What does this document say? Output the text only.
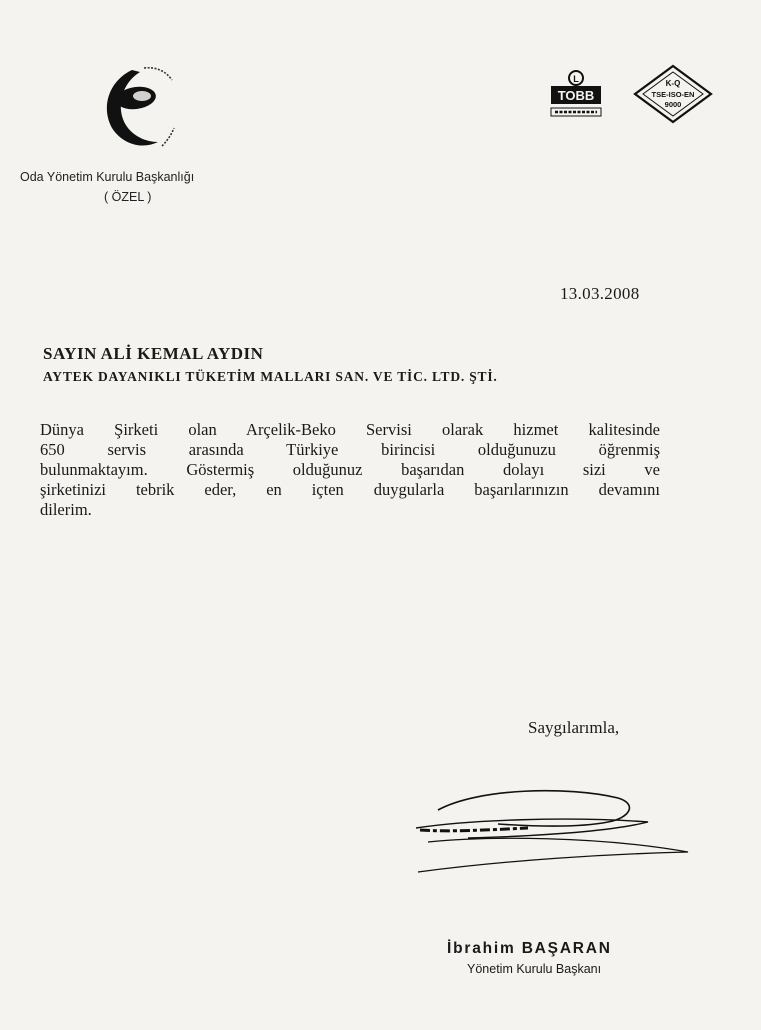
Oda Yönetim Kurulu Başkanlığı
( ÖZEL )
L
TOBB
K-Q
TSE-ISO-EN
9000
13.03.2008
SAYIN ALİ KEMAL AYDIN
AYTEK DAYANIKLI TÜKETİM MALLARI SAN. VE TİC. LTD. ŞTİ.
Dünya Şirketi olan Arçelik-Beko Servisi olarak hizmet kalitesinde
650 servis arasında Türkiye birincisi olduğunuzu öğrenmiş
bulunmaktayım. Göstermiş olduğunuz başarıdan dolayı sizi ve
şirketinizi tebrik eder, en içten duygularla başarılarınızın devamını
dilerim.
Saygılarımla,
İbrahim BAŞARAN
Yönetim Kurulu Başkanı
